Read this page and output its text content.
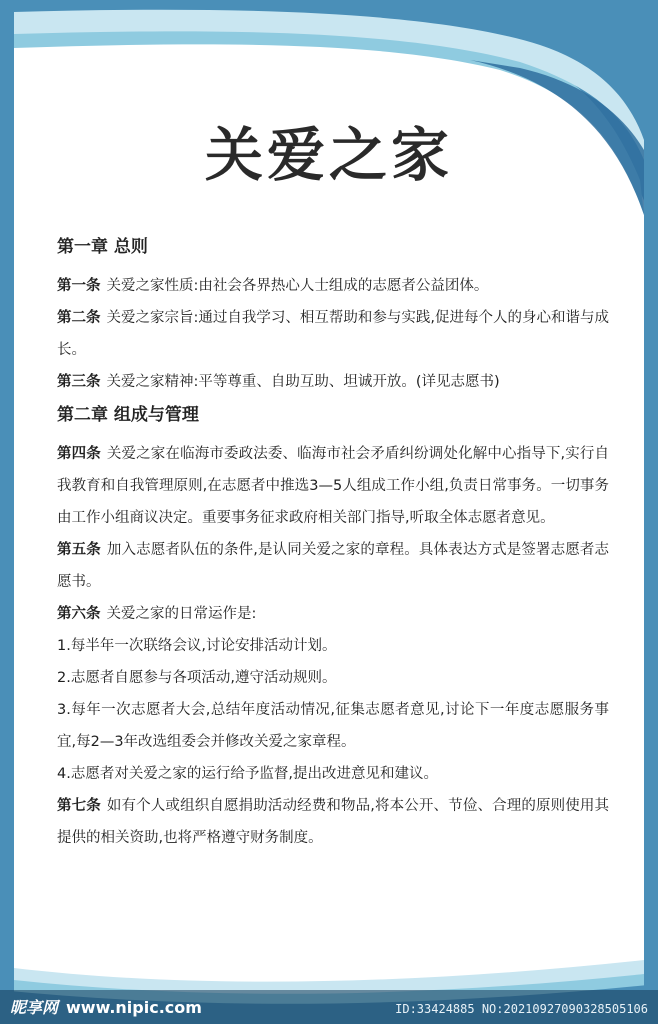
关爱之家
第一章 总则

第一条 关爱之家性质:由社会各界热心人士组成的志愿者公益团体。

第二条 关爱之家宗旨:通过自我学习、相互帮助和参与实践,促进每个人的身心和谐与成长。

第三条 关爱之家精神:平等尊重、自助互助、坦诚开放。(详见志愿书)

第二章 组成与管理

第四条 关爱之家在临海市委政法委、临海市社会矛盾纠纷调处化解中心指导下,实行自我教育和自我管理原则,在志愿者中推选3—5人组成工作小组,负责日常事务。一切事务由工作小组商议决定。重要事务征求政府相关部门指导,听取全体志愿者意见。

第五条 加入志愿者队伍的条件,是认同关爱之家的章程。具体表达方式是签署志愿者志愿书。

第六条 关爱之家的日常运作是:

1.每半年一次联络会议,讨论安排活动计划。

2.志愿者自愿参与各项活动,遵守活动规则。

3.每年一次志愿者大会,总结年度活动情况,征集志愿者意见,讨论下一年度志愿服务事宜,每2—3年改选组委会并修改关爱之家章程。

4.志愿者对关爱之家的运行给予监督,提出改进意见和建议。

第七条 如有个人或组织自愿捐助活动经费和物品,将本公开、节俭、合理的原则使用其提供的相关资助,也将严格遵守财务制度。

昵享网 www.nipic.com	ID:33424885 NO:20210927090328505106
